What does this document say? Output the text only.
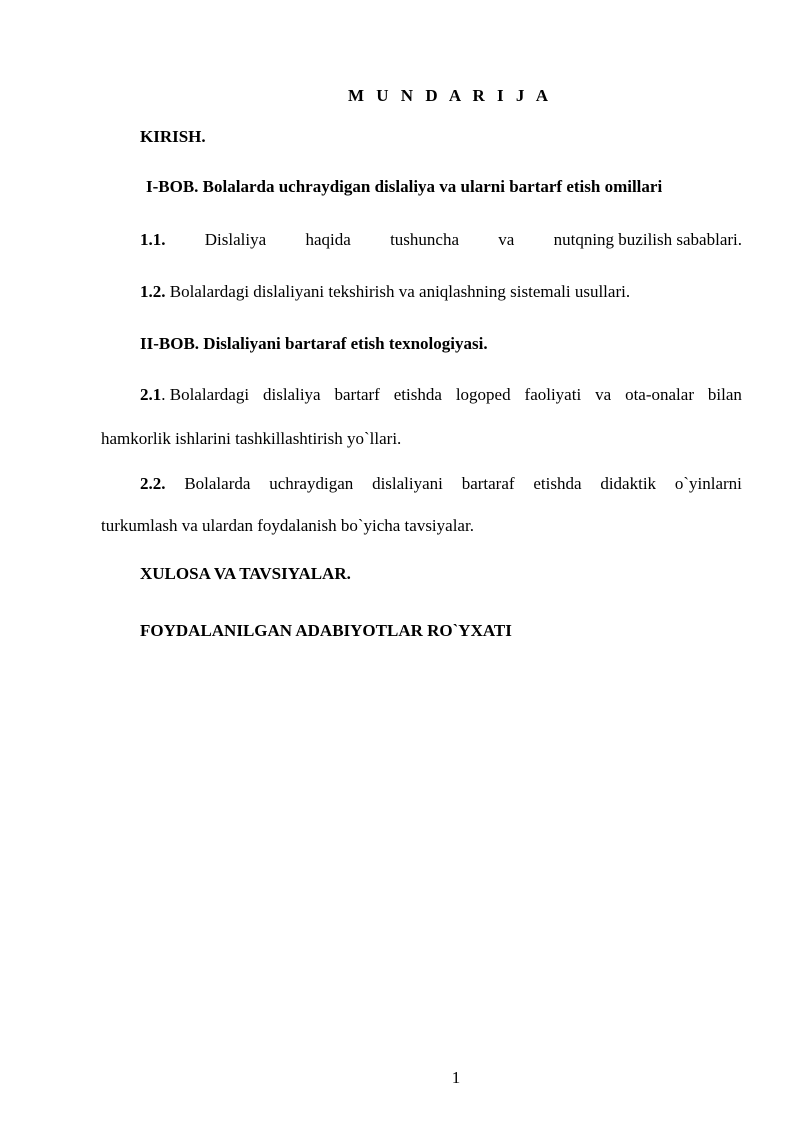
M U N D A R I J A
KIRISH.
I-BOB. Bolalarda uchraydigan dislaliya va ularni bartarf etish omillari
1.1. Dislaliya haqida tushuncha va nutqning buzilish sabablari.
1.2. Bolalardagi dislaliyani tekshirish va aniqlashning sistemali usullari.
II-BOB. Dislaliyani bartaraf etish texnologiyasi.
2.1. Bolalardagi dislaliya bartarf etishda logoped faoliyati va ota-onalar bilan
hamkorlik ishlarini tashkillashtirish yo`llari.
2.2. Bolalarda uchraydigan dislaliyani bartaraf etishda didaktik o`yinlarni
turkumlash va ulardan foydalanish bo`yicha tavsiyalar.
XULOSA VA TAVSIYALAR.
FOYDALANILGAN ADABIYOTLAR RO`YXATI
1
